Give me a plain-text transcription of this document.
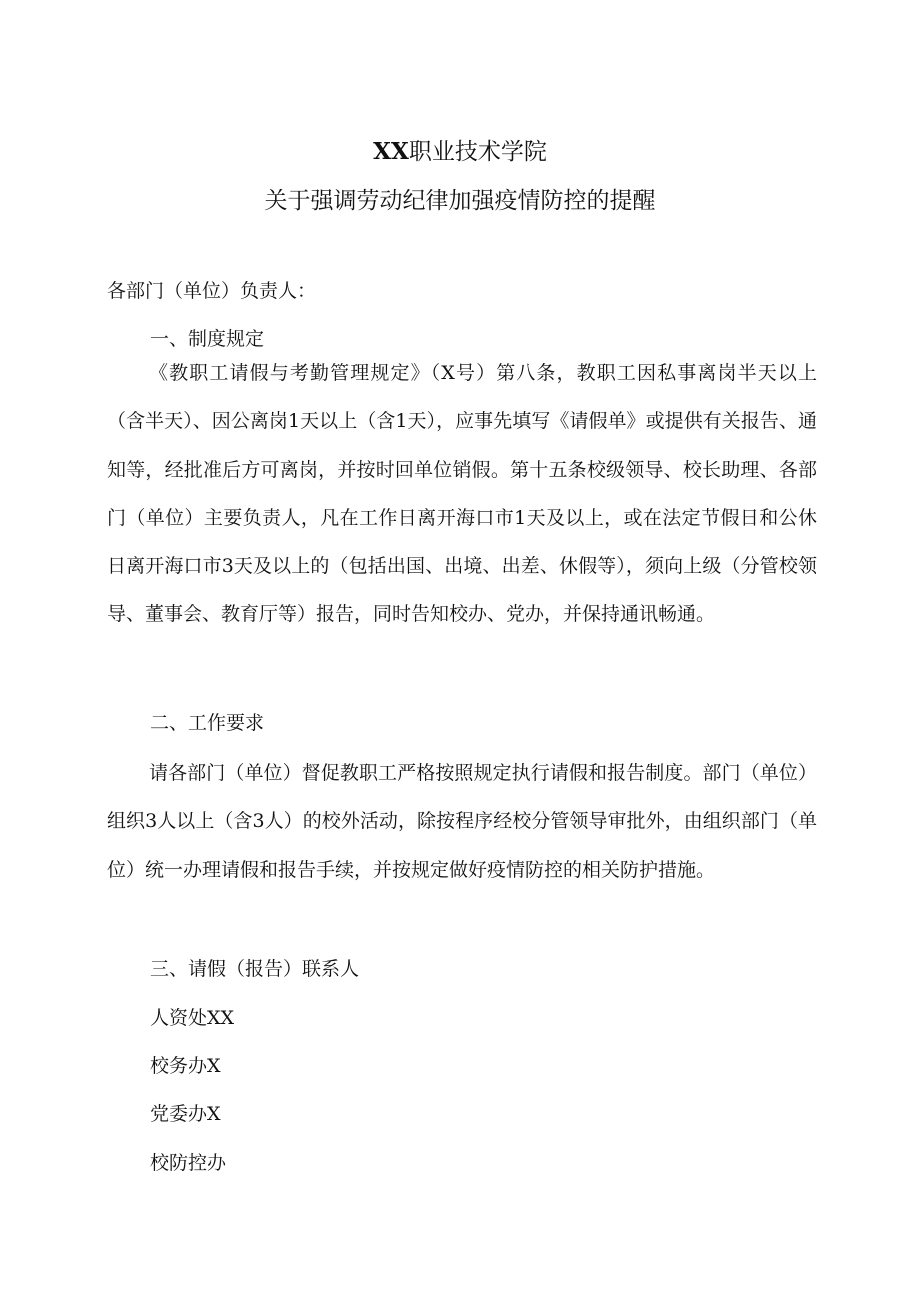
XX职业技术学院
关于强调劳动纪律加强疫情防控的提醒

各部门（单位）负责人：

一、制度规定

《教职工请假与考勤管理规定》（X号）第八条，教职工因私事离岗半天以上（含半天）、因公离岗1天以上（含1天），应事先填写《请假单》或提供有关报告、通知等，经批准后方可离岗，并按时回单位销假。第十五条校级领导、校长助理、各部门（单位）主要负责人，凡在工作日离开海口市1天及以上，或在法定节假日和公休日离开海口市3天及以上的（包括出国、出境、出差、休假等），须向上级（分管校领导、董事会、教育厅等）报告，同时告知校办、党办，并保持通讯畅通。

二、工作要求

请各部门（单位）督促教职工严格按照规定执行请假和报告制度。部门（单位）组织3人以上（含3人）的校外活动，除按程序经校分管领导审批外，由组织部门（单位）统一办理请假和报告手续，并按规定做好疫情防控的相关防护措施。

三、请假（报告）联系人

人资处XX

校务办X

党委办X

校防控办
